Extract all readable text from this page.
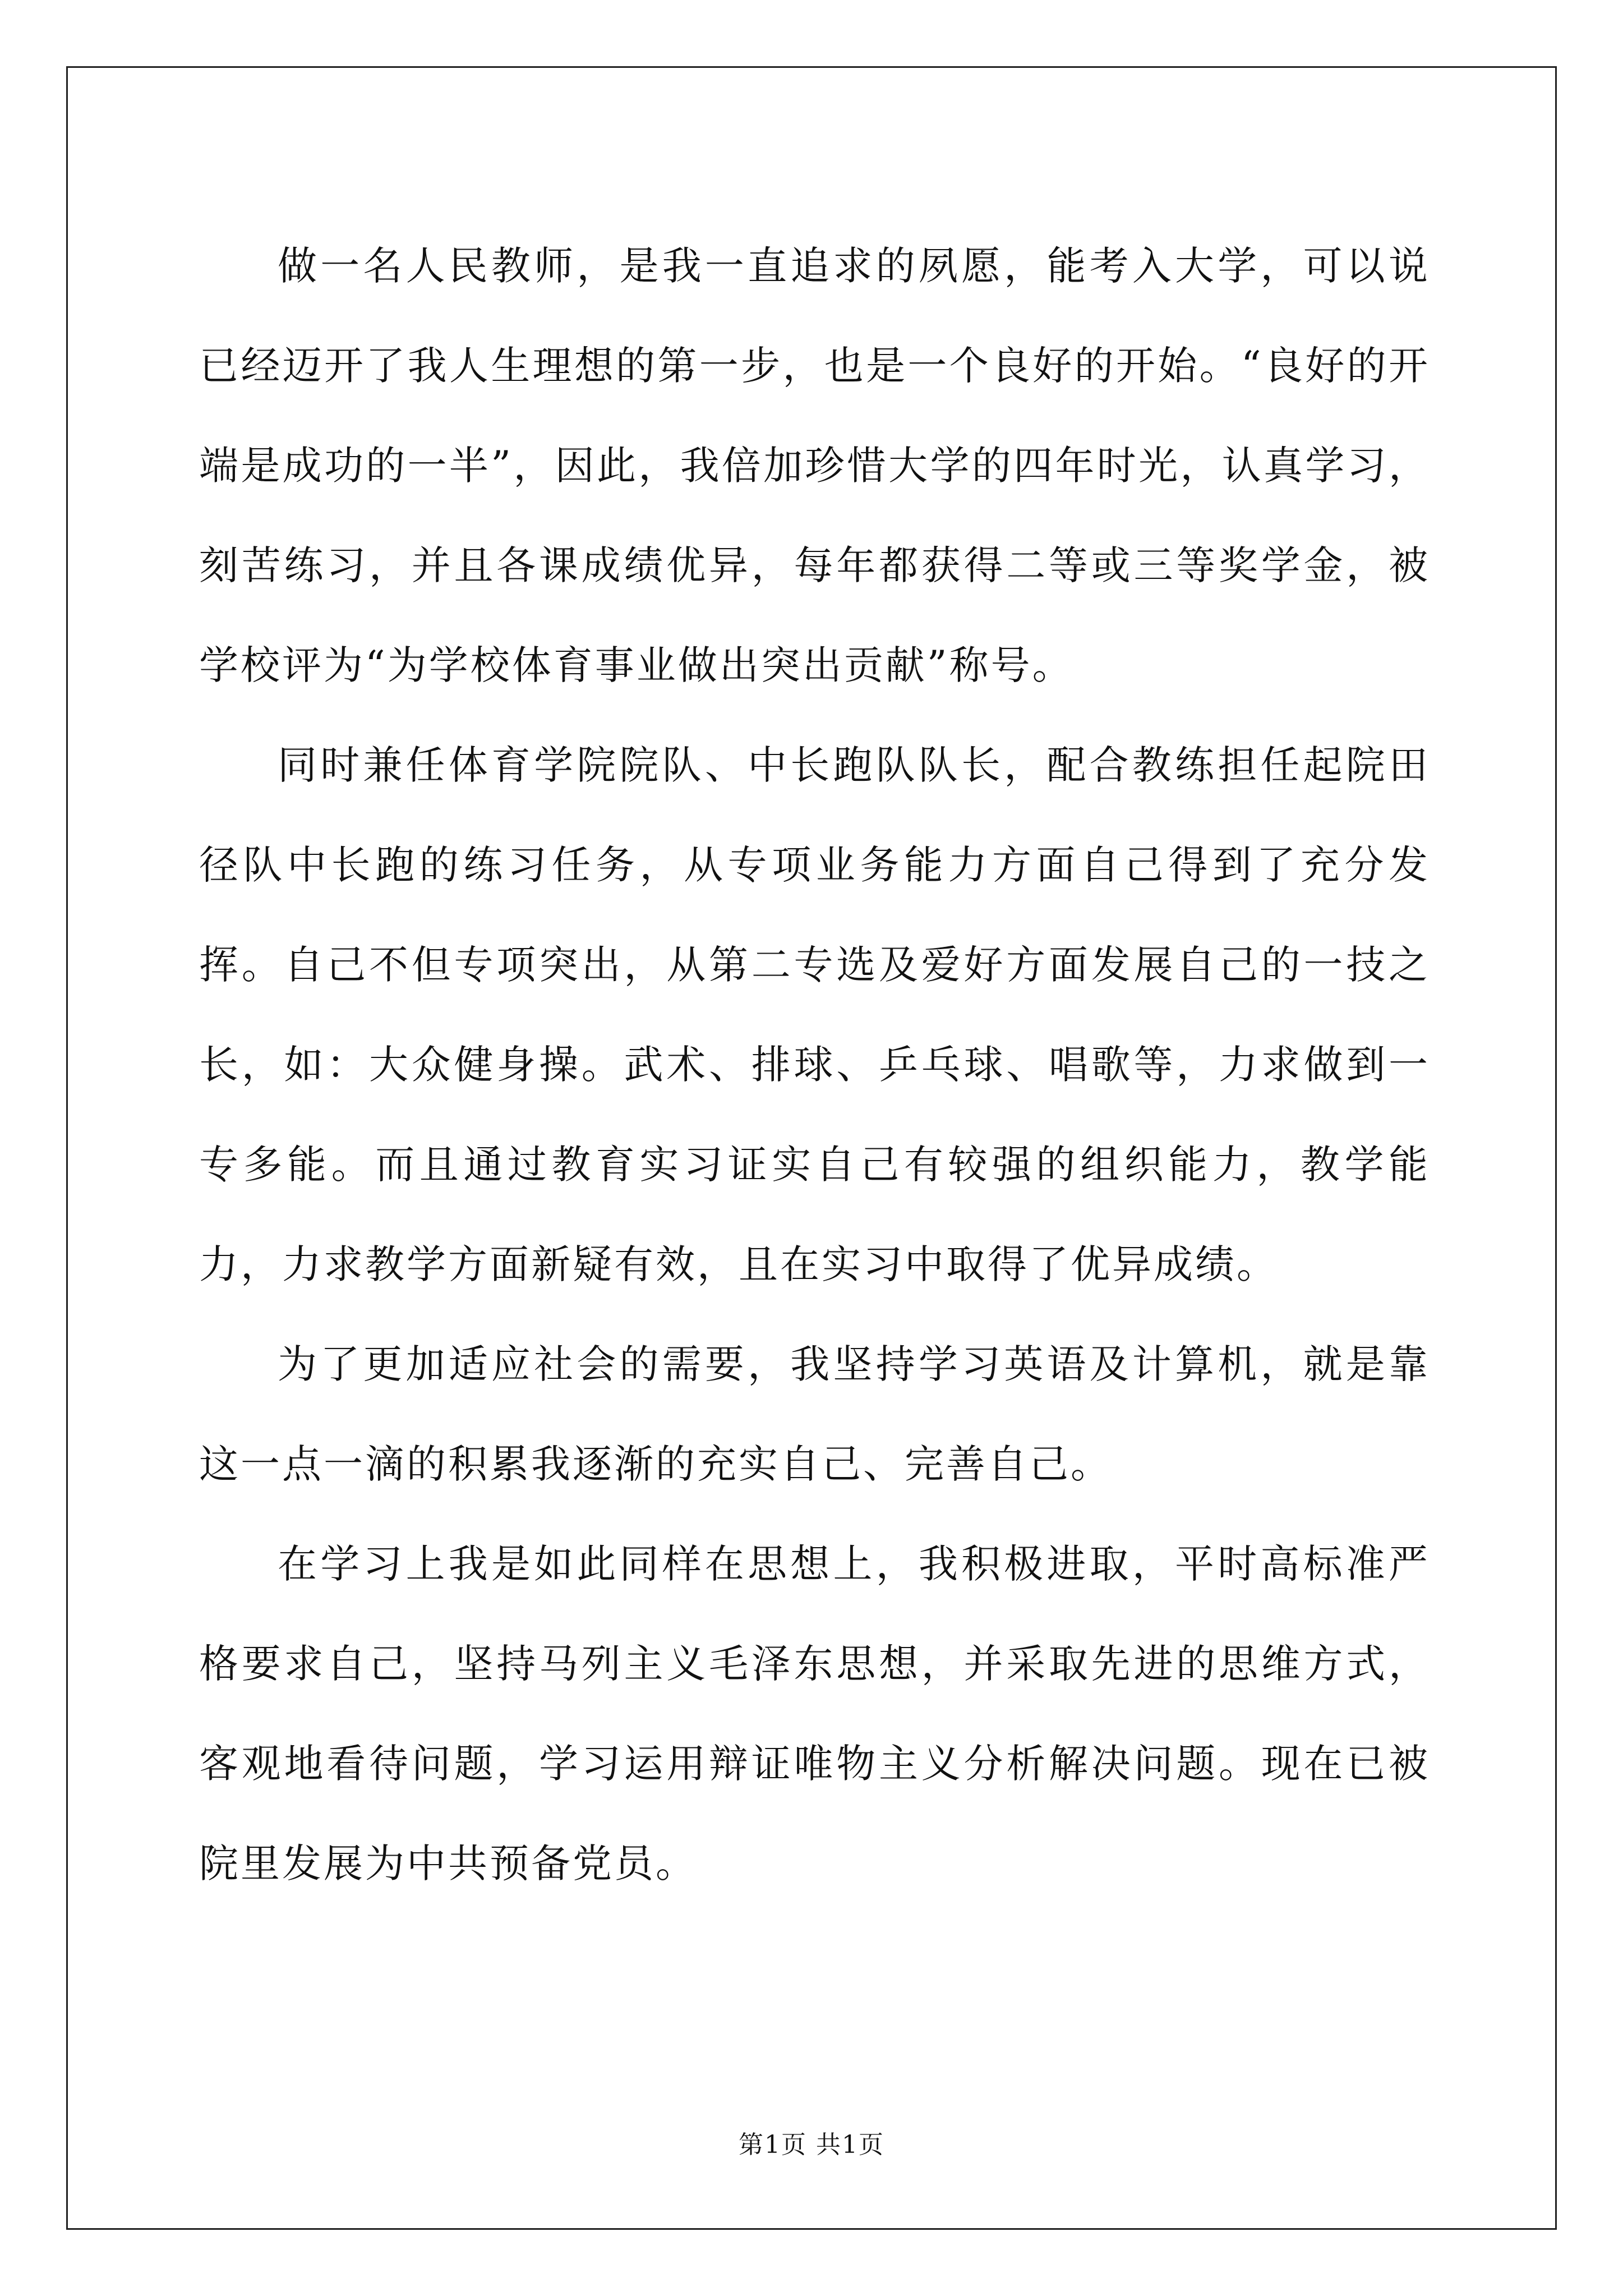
做一名人民教师，是我一直追求的夙愿，能考入大学，可以说已经迈开了我人生理想的第一步，也是一个良好的开始。“良好的开端是成功的一半”，因此，我倍加珍惜大学的四年时光，认真学习，刻苦练习，并且各课成绩优异，每年都获得二等或三等奖学金，被学校评为“为学校体育事业做出突出贡献”称号。

同时兼任体育学院院队、中长跑队队长，配合教练担任起院田径队中长跑的练习任务，从专项业务能力方面自己得到了充分发挥。自己不但专项突出，从第二专选及爱好方面发展自己的一技之长，如：大众健身操。武术、排球、乒乓球、唱歌等，力求做到一专多能。而且通过教育实习证实自己有较强的组织能力，教学能力，力求教学方面新疑有效，且在实习中取得了优异成绩。

为了更加适应社会的需要，我坚持学习英语及计算机，就是靠这一点一滴的积累我逐渐的充实自己、完善自己。

在学习上我是如此同样在思想上，我积极进取，平时高标准严格要求自己，坚持马列主义毛泽东思想，并采取先进的思维方式，客观地看待问题，学习运用辩证唯物主义分析解决问题。现在已被院里发展为中共预备党员。

第1页 共1页
